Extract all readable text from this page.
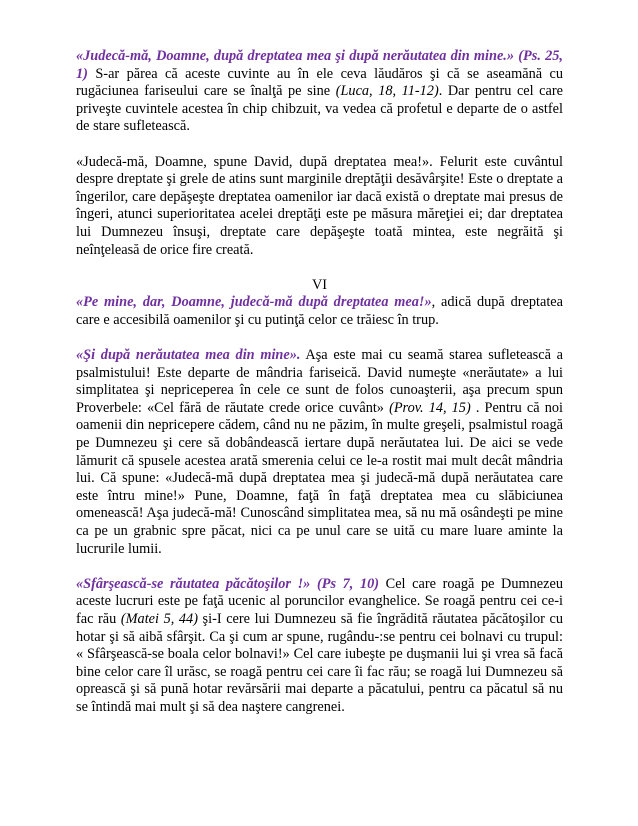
«Judecă-mă, Doamne, după dreptatea mea şi după nerăutatea din mine.» (Ps. 25, 1) S-ar părea că aceste cuvinte au în ele ceva lăudăros şi că se aseamănă cu rugăciunea fariseului care se înalţă pe sine (Luca, 18, 11-12). Dar pentru cel care priveşte cuvintele acestea în chip chibzuit, va vedea că profetul e departe de o astfel de stare sufletească.

«Judecă-mă, Doamne, spune David, după dreptatea mea!». Felurit este cuvântul despre dreptate şi grele de atins sunt marginile dreptăţii desăvârşite! Este o dreptate a îngerilor, care depăşeşte dreptatea oamenilor iar dacă există o dreptate mai presus de îngeri, atunci superioritatea acelei dreptăţi este pe măsura măreţiei ei; dar dreptatea lui Dumnezeu însuşi, dreptate care depăşeşte toată mintea, este negrăită şi neînţeleasă de orice fire creată.

VI

«Pe mine, dar, Doamne, judecă-mă după dreptatea mea!», adică după dreptatea care e accesibilă oamenilor şi cu putinţă celor ce trăiesc în trup.

«Şi după nerăutatea mea din mine». Aşa este mai cu seamă starea sufletească a psalmistului! Este departe de mândria fariseică. David numeşte «nerăutate» a lui simplitatea şi nepriceperea în cele ce sunt de folos cunoaşterii, aşa precum spun Proverbele: «Cel fără de răutate crede orice cuvânt» (Prov. 14, 15) . Pentru că noi oamenii din nepricepere cădem, când nu ne păzim, în multe greşeli, psalmistul roagă pe Dumnezeu şi cere să dobândească iertare după nerăutatea lui. De aici se vede lămurit că spusele acestea arată smerenia celui ce le-a rostit mai mult decât mândria lui. Că spune: «Judecă-mă după dreptatea mea şi judecă-mă după nerăutatea care este întru mine!» Pune, Doamne, faţă în faţă dreptatea mea cu slăbiciunea omenească! Aşa judecă-mă! Cunoscând simplitatea mea, să nu mă osândeşti pe mine ca pe un grabnic spre păcat, nici ca pe unul care se uită cu mare luare aminte la lucrurile lumii.

«Sfârşească-se răutatea păcătoşilor !» (Ps 7, 10) Cel care roagă pe Dumnezeu aceste lucruri este pe faţă ucenic al poruncilor evanghelice. Se roagă pentru cei ce-i fac rău (Matei 5, 44) şi-I cere lui Dumnezeu să fie îngrădită răutatea păcătoşilor cu hotar şi să aibă sfârşit. Ca şi cum ar spune, rugându-:se pentru cei bolnavi cu trupul: « Sfârşească-se boala celor bolnavi!» Cel care iubeşte pe duşmanii lui şi vrea să facă bine celor care îl urăsc, se roagă pentru cei care îi fac rău; se roagă lui Dumnezeu să oprească şi să pună hotar revărsării mai departe a păcatului, pentru ca păcatul să nu se întindă mai mult şi să dea naştere cangrenei.
